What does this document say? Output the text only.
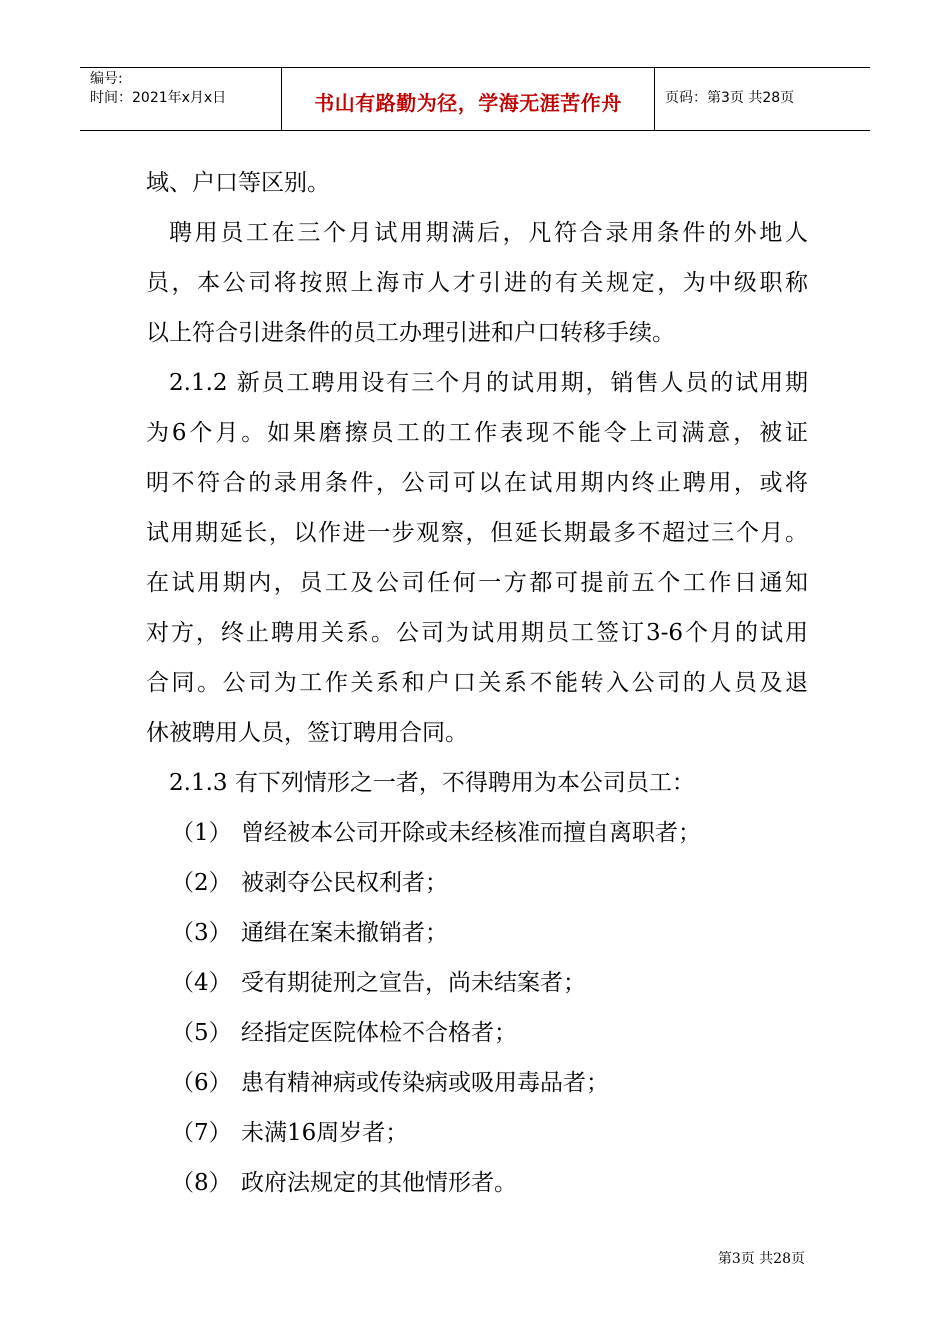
编号:
时间：2021年x月x日	书山有路勤为径，学海无涯苦作舟	页码：第3页 共28页
域、户口等区别。
聘用员工在三个月试用期满后，凡符合录用条件的外地人
员，本公司将按照上海市人才引进的有关规定，为中级职称
以上符合引进条件的员工办理引进和户口转移手续。
2.1.2 新员工聘用设有三个月的试用期，销售人员的试用期
为6个月。如果磨擦员工的工作表现不能令上司满意，被证
明不符合的录用条件，公司可以在试用期内终止聘用，或将
试用期延长，以作进一步观察，但延长期最多不超过三个月。
在试用期内，员工及公司任何一方都可提前五个工作日通知
对方，终止聘用关系。公司为试用期员工签订3-6个月的试用
合同。公司为工作关系和户口关系不能转入公司的人员及退
休被聘用人员，签订聘用合同。
2.1.3 有下列情形之一者，不得聘用为本公司员工：
（1） 曾经被本公司开除或未经核准而擅自离职者；
（2） 被剥夺公民权利者；
（3） 通缉在案未撤销者；
（4） 受有期徒刑之宣告，尚未结案者；
（5） 经指定医院体检不合格者；
（6） 患有精神病或传染病或吸用毒品者；
（7） 未满16周岁者；
（8） 政府法规定的其他情形者。
第3页 共28页
